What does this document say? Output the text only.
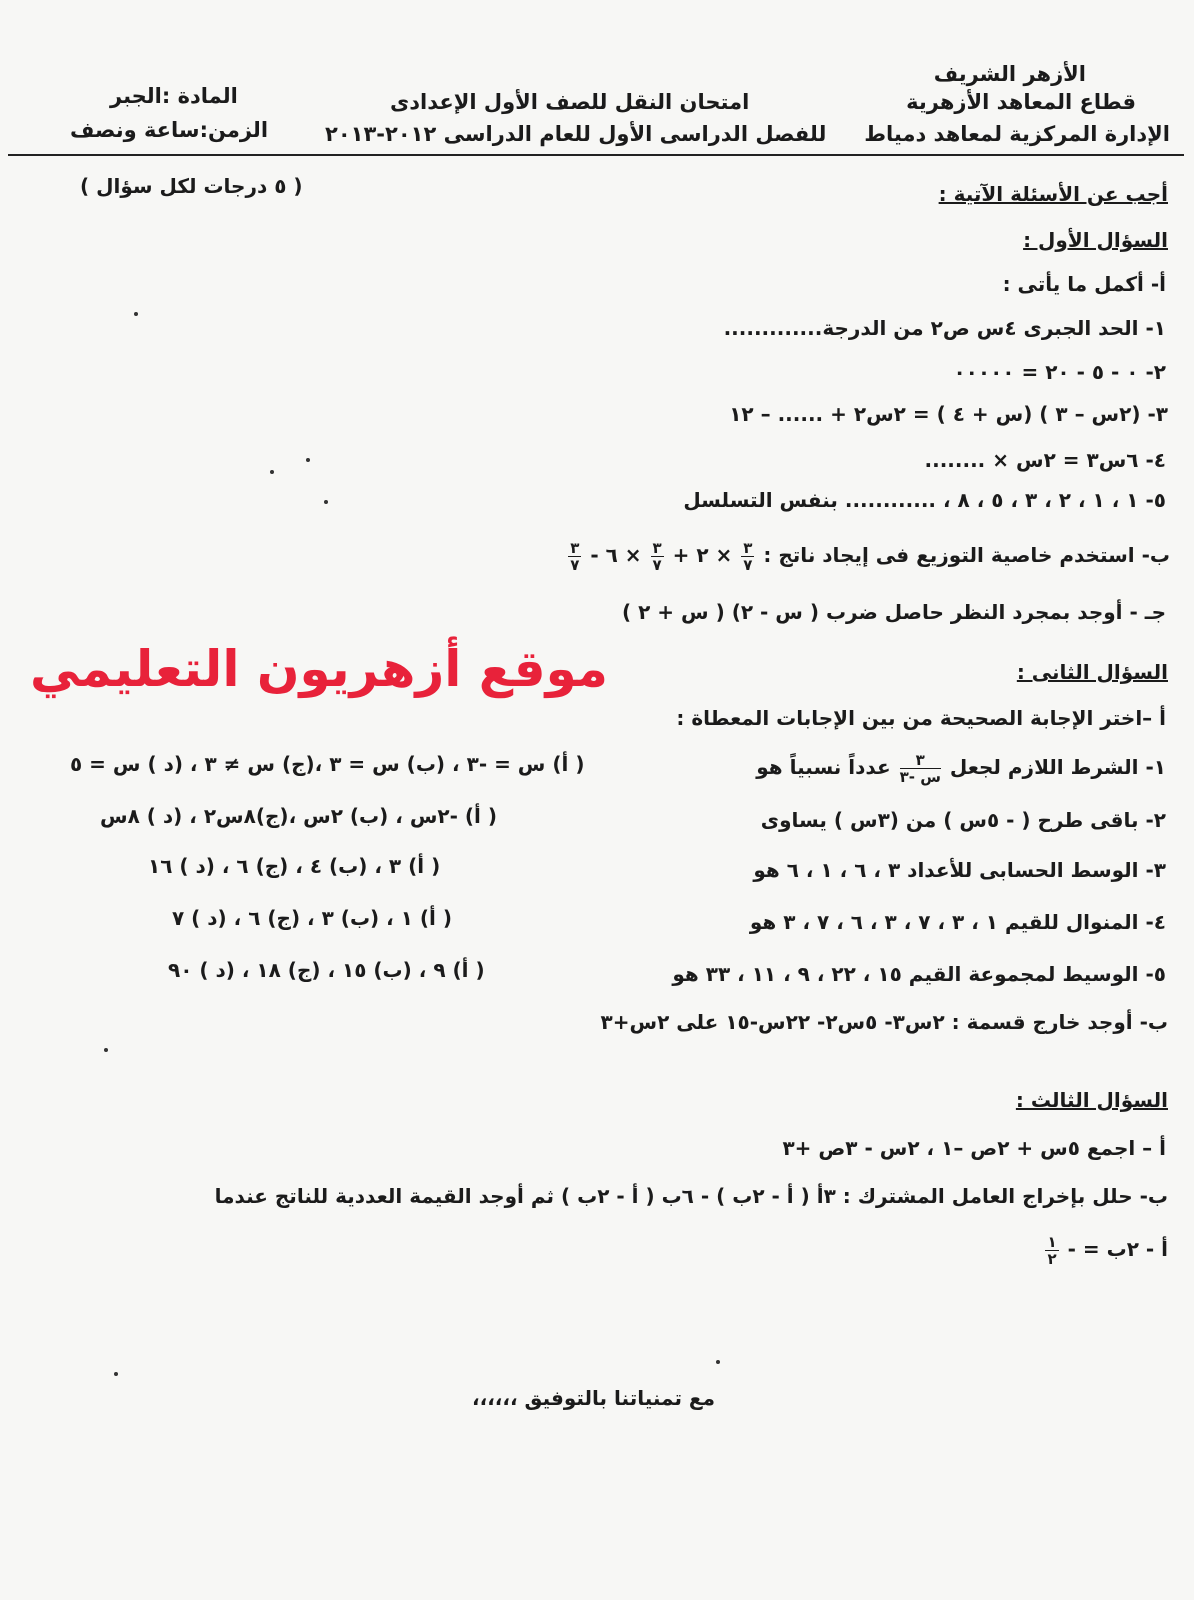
الأزهر الشريف
قطاع المعاهد الأزهرية
الإدارة المركزية لمعاهد دمياط
امتحان النقل للصف الأول الإعدادى
للفصل الدراسى الأول للعام الدراسى ٢٠١٢-٢٠١٣
المادة :الجبر
الزمن:ساعة ونصف
أجب عن الأسئلة الآتية :
( ٥ درجات لكل سؤال )
السؤال الأول :
أ- أكمل ما يأتى :
١- الحد الجبرى ٤س ص٢ من الدرجة.............
٢- ٠ - ٥ - ٢٠ = ٠٠٠٠٠
٣- (٢س – ٣ ) (س + ٤ ) = ٢س٢ + ...... – ١٢
٤- ٦س٣ = ٢س × ........
٥- ١ ، ١ ، ٢ ، ٣ ، ٥ ، ٨ ، ............ بنفس التسلسل
ب- استخدم خاصية التوزيع فى إيجاد ناتج :
$\frac{٣}{٧}$
× ٢ +
$\frac{٣}{٧}$
× ٦ -
$\frac{٣}{٧}$
جـ - أوجد بمجرد النظر حاصل ضرب ( س - ٢) ( س + ٢ )
موقع أزهريون التعليمي	السؤال الثانى :
أ –اختر الإجابة الصحيحة من بين الإجابات المعطاة :
١- الشرط اللازم لجعل
$\frac{٣}{\text{س -٣}}$
عدداً نسبياً هو
( أ) س = -٣ ، (ب) س = ٣ ،(ج) س ≠ ٣ ، (د ) س = ٥
٢- باقى طرح ( - ٥س ) من (٣س ) يساوى
( أ) -٢س ، (ب) ٢س ،(ج)٨س٢ ، (د ) ٨س
٣- الوسط الحسابى للأعداد ٣ ، ٦ ، ١ ، ٦ هو
( أ) ٣ ، (ب) ٤ ، (ج) ٦ ، (د ) ١٦
٤- المنوال للقيم ١ ، ٣ ، ٧ ، ٣ ، ٦ ، ٧ ، ٣ هو
( أ) ١ ، (ب) ٣ ، (ج) ٦ ، (د ) ٧
٥- الوسيط لمجموعة القيم ١٥ ، ٢٢ ، ٩ ، ١١ ، ٣٣ هو
( أ) ٩ ، (ب) ١٥ ، (ج) ١٨ ، (د ) ٩٠
ب- أوجد خارج قسمة : ٢س٣- ٥س٢- ٢٢س-١٥ على ٢س+٣
السؤال الثالث :
أ – اجمع ٥س + ٢ص –١ ، ٢س - ٣ص +٣
ب- حلل بإخراج العامل المشترك : ٣أ ( أ - ٢ب ) - ٦ب ( أ - ٢ب ) ثم أوجد القيمة العددية للناتج عندما
أ - ٢ب = -
$\frac{١}{٢}$
مع تمنياتنا بالتوفيق ،،،،،،
